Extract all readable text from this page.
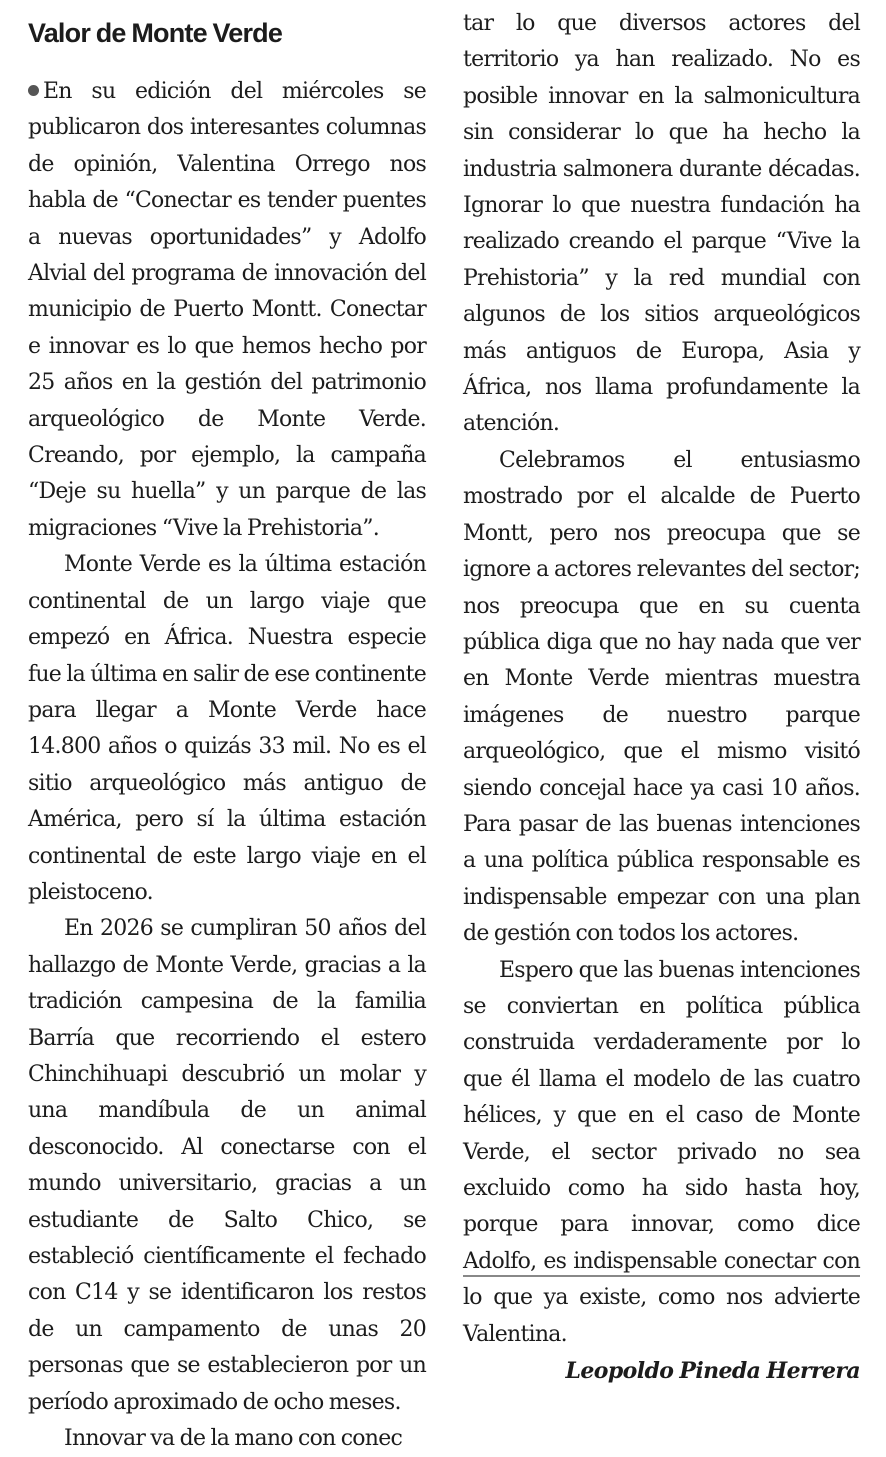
Valor de Monte Verde

En su edición del miércoles se publicaron dos interesantes columnas de opinión, Valentina Orrego nos habla de “Conectar es tender puentes a nuevas oportunidades” y Adolfo Alvial del programa de innovación del municipio de Puerto Montt. Conectar e innovar es lo que hemos hecho por 25 años en la gestión del patrimonio arqueológico de Monte Verde. Creando, por ejemplo, la campaña “Deje su huella” y un parque de las migraciones “Vive la Prehistoria”.

Monte Verde es la última estación continental de un largo viaje que empezó en África. Nuestra especie fue la última en salir de ese continente para llegar a Monte Verde hace 14.800 años o quizás 33 mil. No es el sitio arqueológico más antiguo de América, pero sí la última estación continental de este largo viaje en el pleistoceno.

En 2026 se cumpliran 50 años del hallazgo de Monte Verde, gracias a la tradición campesina de la familia Barría que recorriendo el estero Chinchihuapi descubrió un molar y una mandíbula de un animal desconocido. Al conectarse con el mundo universitario, gracias a un estudiante de Salto Chico, se estableció científicamente el fechado con C14 y se identificaron los restos de un campamento de unas 20 personas que se establecieron por un período aproximado de ocho meses.

Innovar va de la mano con conec

tar lo que diversos actores del territorio ya han realizado. No es posible innovar en la salmonicultura sin considerar lo que ha hecho la industria salmonera durante décadas. Ignorar lo que nuestra fundación ha realizado creando el parque “Vive la Prehistoria” y la red mundial con algunos de los sitios arqueológicos más antiguos de Europa, Asia y África, nos llama profundamente la atención.

Celebramos el entusiasmo mostrado por el alcalde de Puerto Montt, pero nos preocupa que se ignore a actores relevantes del sector; nos preocupa que en su cuenta pública diga que no hay nada que ver en Monte Verde mientras muestra imágenes de nuestro parque arqueológico, que el mismo visitó siendo concejal hace ya casi 10 años. Para pasar de las buenas intenciones a una política pública responsable es indispensable empezar con una plan de gestión con todos los actores.

Espero que las buenas intenciones se conviertan en política pública construida verdaderamente por lo que él llama el modelo de las cuatro hélices, y que en el caso de Monte Verde, el sector privado no sea excluido como ha sido hasta hoy, porque para innovar, como dice Adolfo, es indispensable conectar con lo que ya existe, como nos advierte Valentina.

Leopoldo Pineda Herrera
